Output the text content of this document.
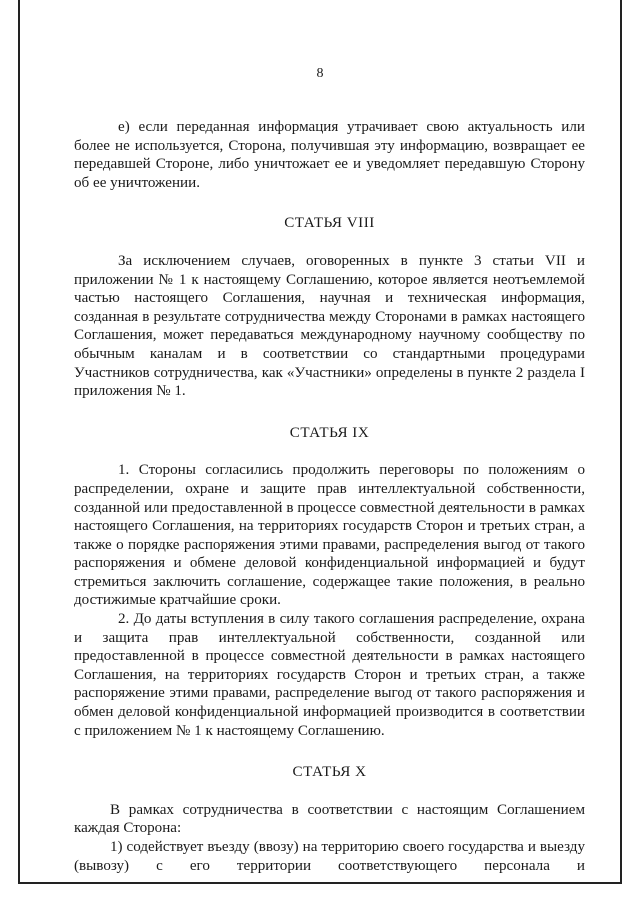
8

е) если переданная информация утрачивает свою актуальность или более не используется, Сторона, получившая эту информацию, возвращает ее передавшей Стороне, либо уничтожает ее и уведомляет передавшую Сторону об ее уничтожении.

СТАТЬЯ VIII

За исключением случаев, оговоренных в пункте 3 статьи VII и приложении № 1 к настоящему Соглашению, которое является неотъемлемой частью настоящего Соглашения, научная и техническая информация, созданная в результате сотрудничества между Сторонами в рамках настоящего Соглашения, может передаваться международному научному сообществу по обычным каналам и в соответствии со стандартными процедурами Участников сотрудничества, как «Участники» определены в пункте 2 раздела I приложения № 1.

СТАТЬЯ IX

1. Стороны согласились продолжить переговоры по положениям о распределении, охране и защите прав интеллектуальной собственности, созданной или предоставленной в процессе совместной деятельности в рамках настоящего Соглашения, на территориях государств Сторон и третьих стран, а также о порядке распоряжения этими правами, распределения выгод от такого распоряжения и обмене деловой конфиденциальной информацией и будут стремиться заключить соглашение, содержащее такие положения, в реально достижимые кратчайшие сроки.

2. До даты вступления в силу такого соглашения распределение, охрана и защита прав интеллектуальной собственности, созданной или предоставленной в процессе совместной деятельности в рамках настоящего Соглашения, на территориях государств Сторон и третьих стран, а также распоряжение этими правами, распределение выгод от такого распоряжения и обмен деловой конфиденциальной информацией производится в соответствии с приложением № 1 к настоящему Соглашению.

СТАТЬЯ X

В рамках сотрудничества в соответствии с настоящим Соглашением каждая Сторона:

1) содействует въезду (ввозу) на территорию своего государства и выезду (вывозу) с его территории соответствующего персонала и
